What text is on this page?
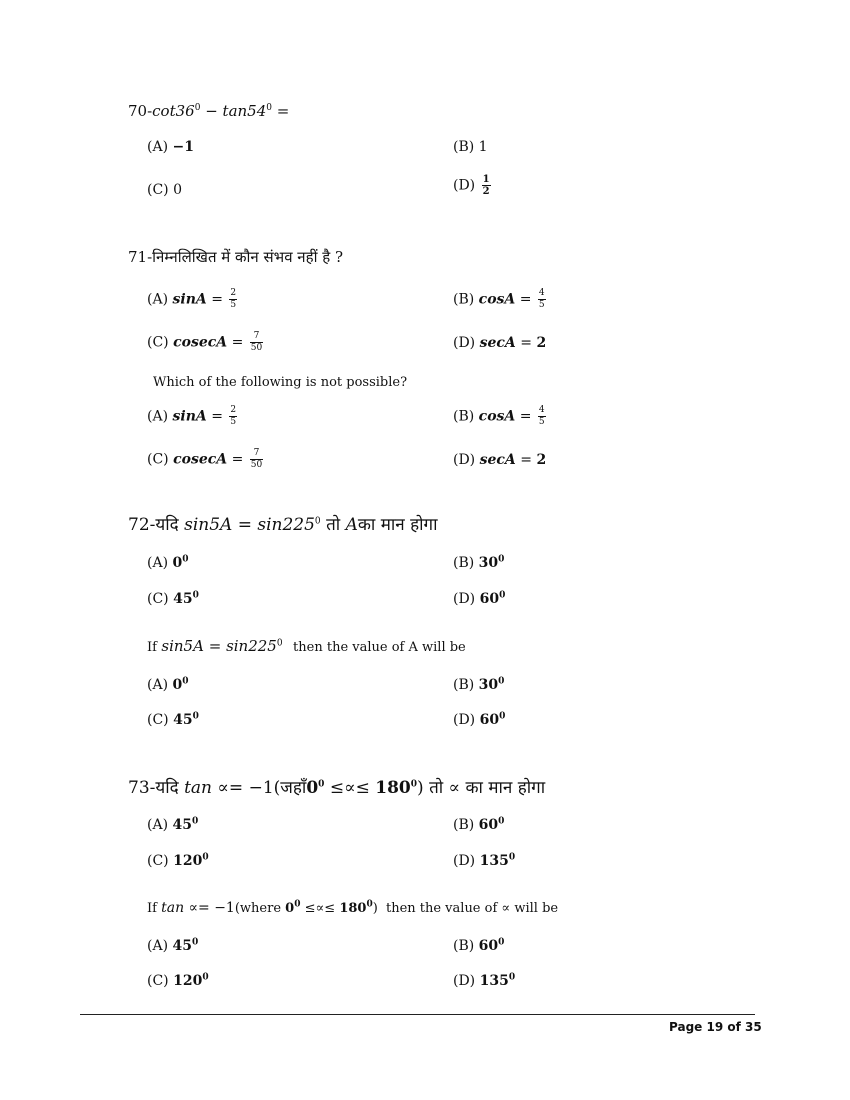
$70-\cot 36^0 - \tan 54^0$ =
(A) −1	(B) 1
(C) 0	$(D) \frac{1}{2}$
71-निम्नलिखित में कौन संभव नहीं है ?
(A) $\sin A = \frac{2}{5}$	(B) $\cos A = \frac{4}{5}$
(C) $cosecA = \frac{7}{50}$	(D) secA = 2
Which of the following is not possible?
(A) $\sin A = \frac{2}{5}$	(B) $\cos A = \frac{4}{5}$
(C) $cosecA = \frac{7}{50}$	(D) secA = 2
72-यदि $\sin 5A = \sin 225^0$ तो Aका मान होगा
(A) $0^0$	(B) $30^0$
(C) $45^0$	(D) $60^0$
If $\sin 5A = \sin 225^0$ then the value of A will be
(A) $0^0$	(B) $30^0$
(C) $45^0$	(D) $60^0$
73-यदि $\tan \propto= -1(जहाँ0^0$ ≤∝≤ $180^0$) तो ∝ का मान होगा
(A) $45^0$	(B) $60^0$
(C) $120^0$	(D) $135^0$
If tan ∝= −1(where $0^0$ ≤∝≤ $180^0$) then the value of ∝ will be
(A) $45^0$	(B) $60^0$
(C) $120^0$	(D) $135^0$
Page 19 of 35
